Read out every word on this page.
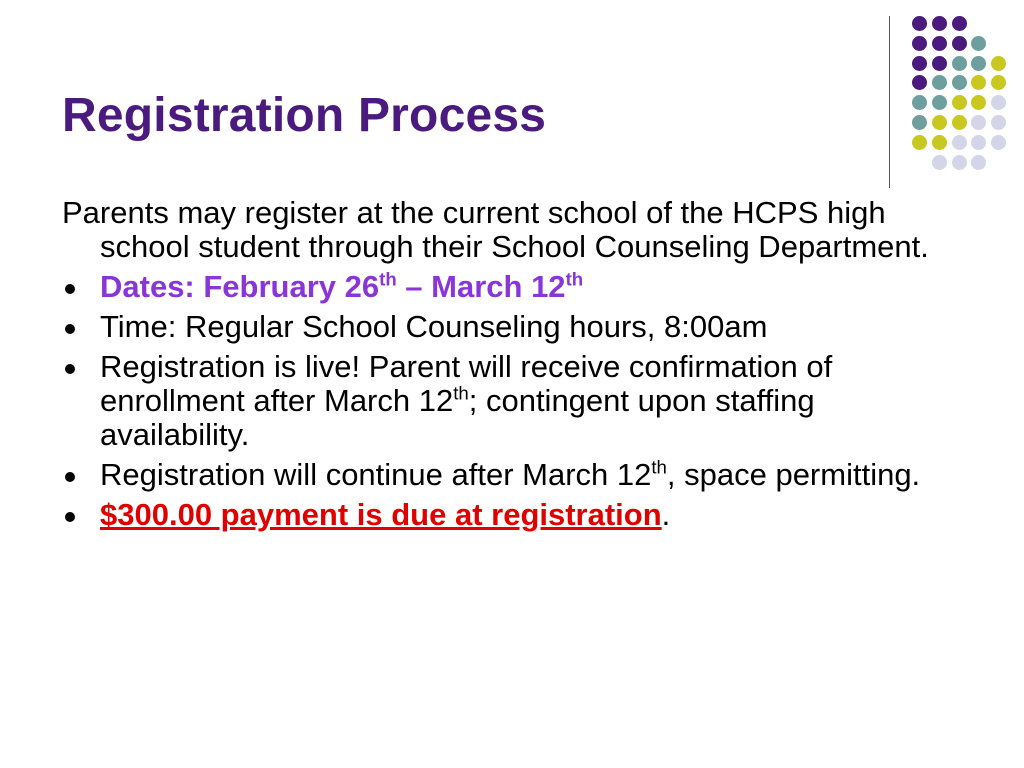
Registration Process

Parents may register at the current school of the HCPS high school student through their School Counseling Department.

Dates: February 26th – March 12th
Time: Regular School Counseling hours, 8:00am
Registration is live! Parent will receive confirmation of enrollment after March 12th; contingent upon staffing availability.
Registration will continue after March 12th, space permitting.
$300.00 payment is due at registration.
